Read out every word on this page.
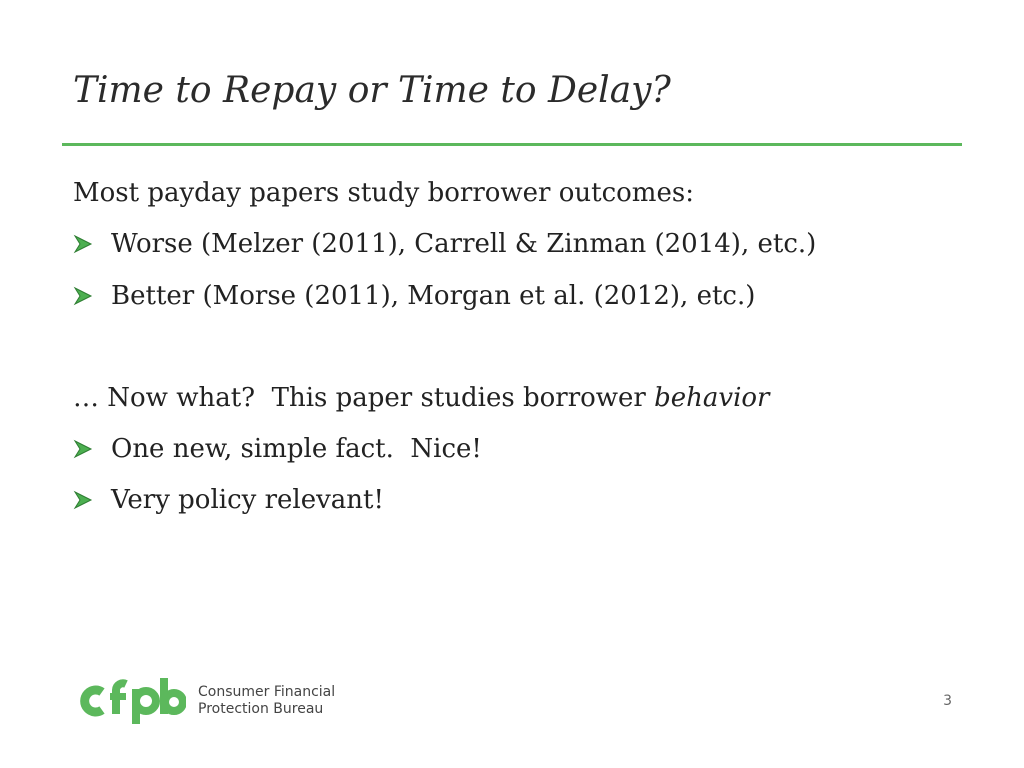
Time to Repay or Time to Delay?
Most payday papers study borrower outcomes:
Worse (Melzer (2011), Carrell & Zinman (2014), etc.)
Better (Morse (2011), Morgan et al. (2012), etc.)
… Now what?  This paper studies borrower behavior
One new, simple fact.  Nice!
Very policy relevant!
Consumer Financial
Protection Bureau	3
